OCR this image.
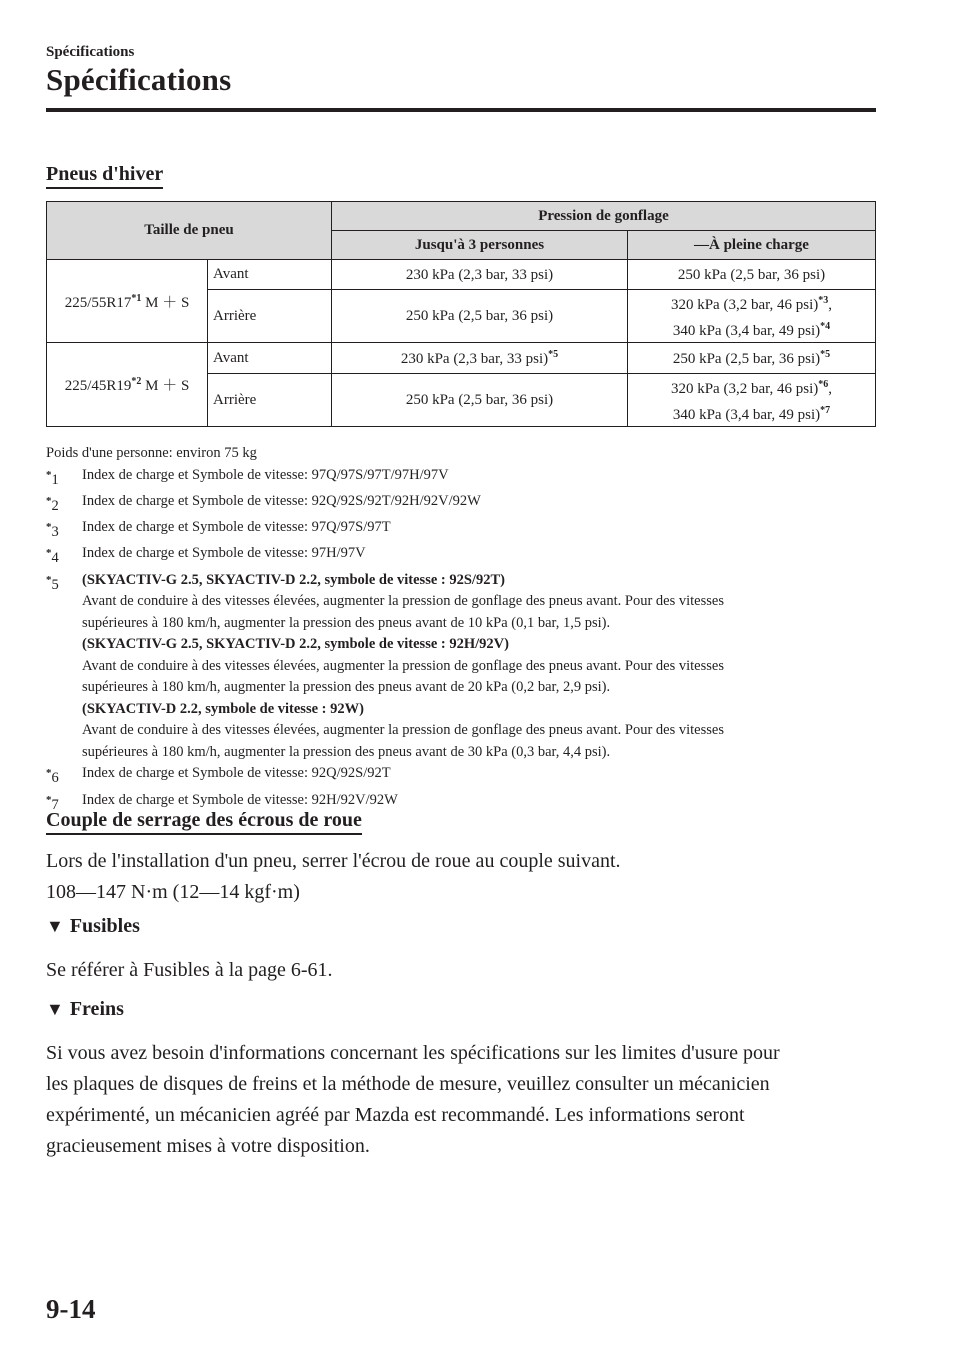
Spécifications
Spécifications
Pneus d'hiver
Taille de pneu		Pression de gonflage	
		Jusqu'à 3 personnes	—À pleine charge
225/55R17$^{*1}$ M ＋ S	Avant	230 kPa (2,3 bar, 33 psi)	250 kPa (2,5 bar, 36 psi)
	Arrière	250 kPa (2,5 bar, 36 psi)	320 kPa (3,2 bar, 46 psi)$^{*3}$,
340 kPa (3,4 bar, 49 psi)$^{*4}$
225/45R19$^{*2}$ M ＋ S	Avant	230 kPa (2,3 bar, 33 psi)$^{*5}$	250 kPa (2,5 bar, 36 psi)$^{*5}$
	Arrière	250 kPa (2,5 bar, 36 psi)	320 kPa (3,2 bar, 46 psi)$^{*6}$,
340 kPa (3,4 bar, 49 psi)$^{*7}$
Poids d'une personne: environ 75 kg
*1	Index de charge et Symbole de vitesse: 97Q/97S/97T/97H/97V
*2	Index de charge et Symbole de vitesse: 92Q/92S/92T/92H/92V/92W
*3	Index de charge et Symbole de vitesse: 97Q/97S/97T
*4	Index de charge et Symbole de vitesse: 97H/97V
*5	(SKYACTIV-G 2.5, SKYACTIV-D 2.2, symbole de vitesse : 92S/92T)
Avant de conduire à des vitesses élevées, augmenter la pression de gonflage des pneus avant. Pour des vitesses
supérieures à 180 km/h, augmenter la pression des pneus avant de 10 kPa (0,1 bar, 1,5 psi).
(SKYACTIV-G 2.5, SKYACTIV-D 2.2, symbole de vitesse : 92H/92V)
Avant de conduire à des vitesses élevées, augmenter la pression de gonflage des pneus avant. Pour des vitesses
supérieures à 180 km/h, augmenter la pression des pneus avant de 20 kPa (0,2 bar, 2,9 psi).
(SKYACTIV-D 2.2, symbole de vitesse : 92W)
Avant de conduire à des vitesses élevées, augmenter la pression de gonflage des pneus avant. Pour des vitesses
supérieures à 180 km/h, augmenter la pression des pneus avant de 30 kPa (0,3 bar, 4,4 psi).
*6	Index de charge et Symbole de vitesse: 92Q/92S/92T
*7	Index de charge et Symbole de vitesse: 92H/92V/92W
Couple de serrage des écrous de roue
Lors de l'installation d'un pneu, serrer l'écrou de roue au couple suivant.
108―147 N·m (12―14 kgf·m)
▼ Fusibles
Se référer à Fusibles à la page 6-61.
▼ Freins
Si vous avez besoin d'informations concernant les spécifications sur les limites d'usure pour
les plaques de disques de freins et la méthode de mesure, veuillez consulter un mécanicien
expérimenté, un mécanicien agréé par Mazda est recommandé. Les informations seront
gracieusement mises à votre disposition.
9-14
